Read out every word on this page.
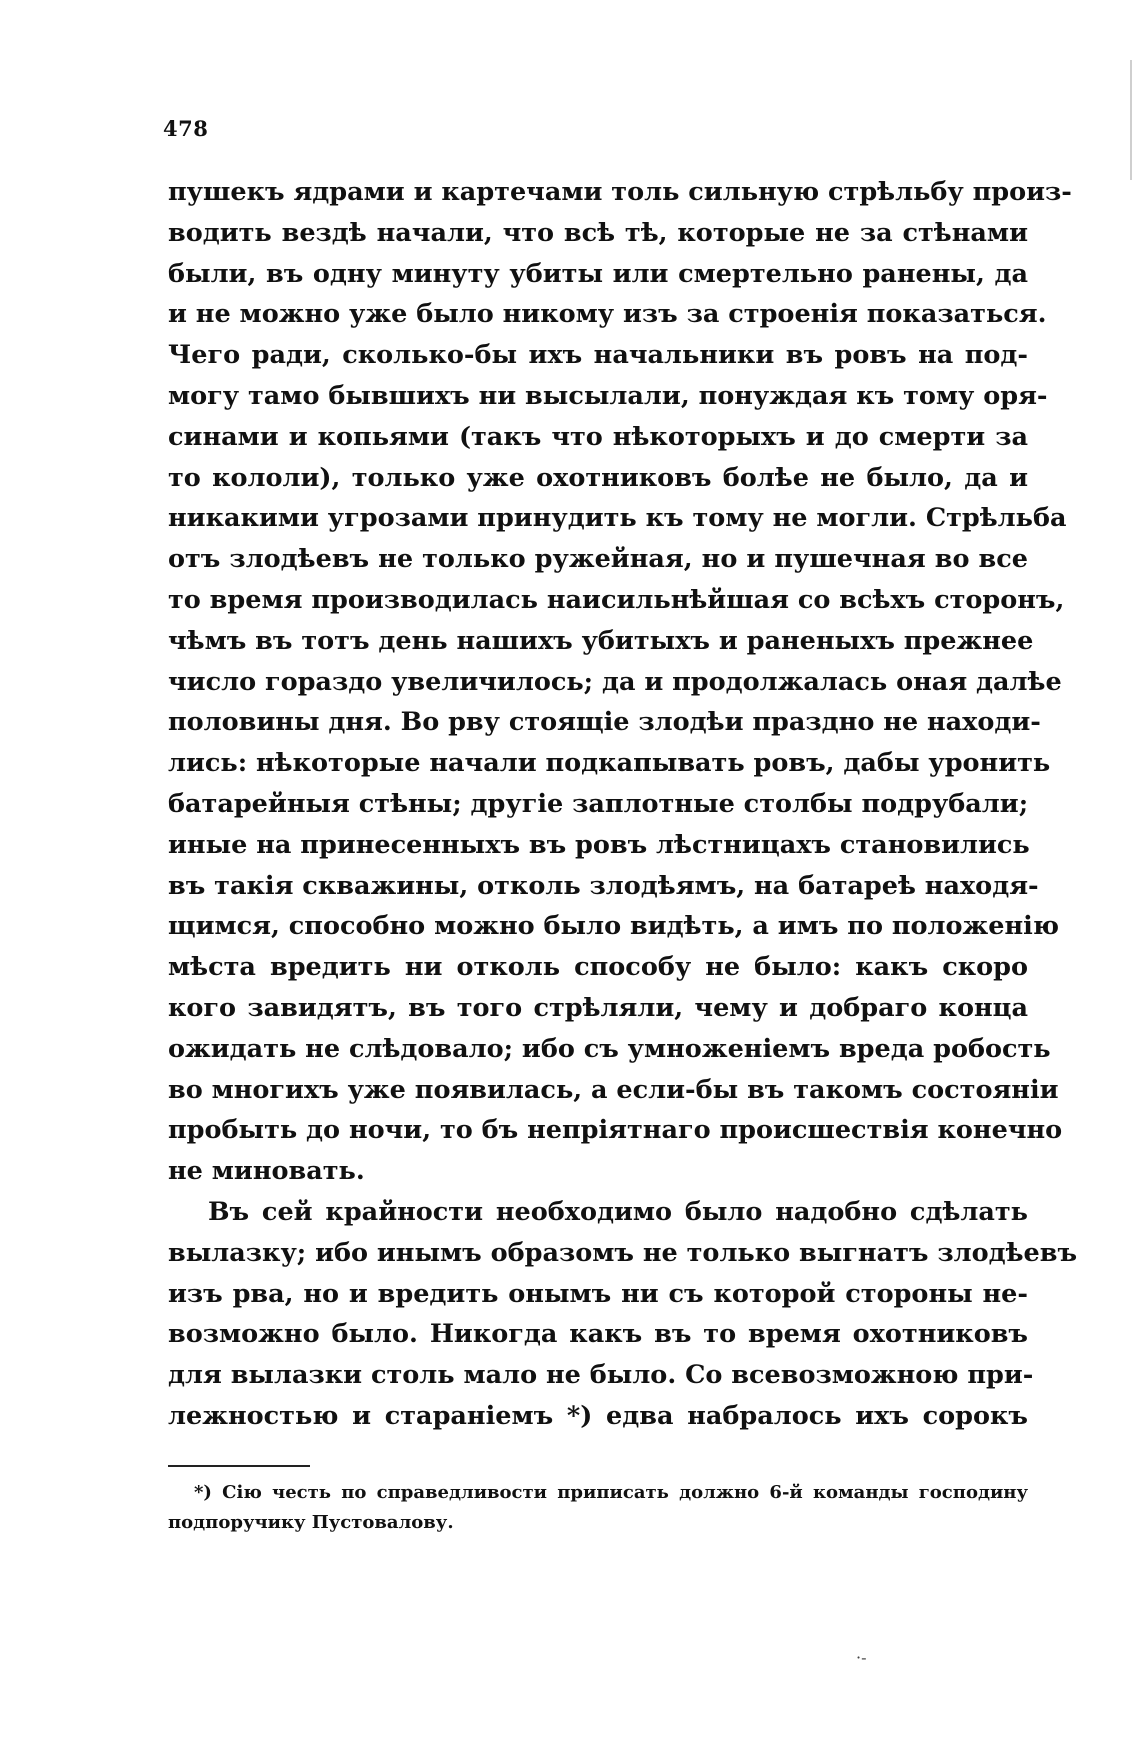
478
пушекъ ядрами и картечами толь сильную стрѣльбу произ-
водить вездѣ начали, что всѣ тѣ, которые не за стѣнами
были, въ одну минуту убиты или смертельно ранены, да
и не можно уже было никому изъ за строенія показаться.
Чего ради, сколько-бы ихъ начальники въ ровъ на под-
могу тамо бывшихъ ни высылали, понуждая къ тому оря-
синами и копьями (такъ что нѣкоторыхъ и до смерти за
то кололи), только уже охотниковъ болѣе не было, да и
никакими угрозами принудить къ тому не могли. Стрѣльба
отъ злодѣевъ не только ружейная, но и пушечная во все
то время производилась наисильнѣйшая со всѣхъ сторонъ,
чѣмъ въ тотъ день нашихъ убитыхъ и раненыхъ прежнее
число гораздо увеличилось; да и продолжалась оная далѣе
половины дня. Во рву стоящіе злодѣи праздно не находи-
лись: нѣкоторые начали подкапывать ровъ, дабы уронить
батарейныя стѣны; другіе заплотные столбы подрубали;
иные на принесенныхъ въ ровъ лѣстницахъ становились
въ такія скважины, отколь злодѣямъ, на батареѣ находя-
щимся, способно можно было видѣть, а имъ по положенію
мѣста вредить ни отколь способу не было: какъ скоро
кого завидятъ, въ того стрѣляли, чему и добраго конца
ожидать не слѣдовало; ибо съ умноженіемъ вреда робость
во многихъ уже появилась, а если-бы въ такомъ состояніи
пробыть до ночи, то бъ непріятнаго происшествія конечно
не миновать.
Въ сей крайности необходимо было надобно сдѣлать
вылазку; ибо инымъ образомъ не только выгнатъ злодѣевъ
изъ рва, но и вредить онымъ ни съ которой стороны не-
возможно было. Никогда какъ въ то время охотниковъ
для вылазки столь мало не было. Со всевозможною при-
лежностью и стараніемъ *) едва набралось ихъ сорокъ
*) Сію честь по справедливости приписать должно 6-й команды господину
подпоручику Пустовалову.
·-
